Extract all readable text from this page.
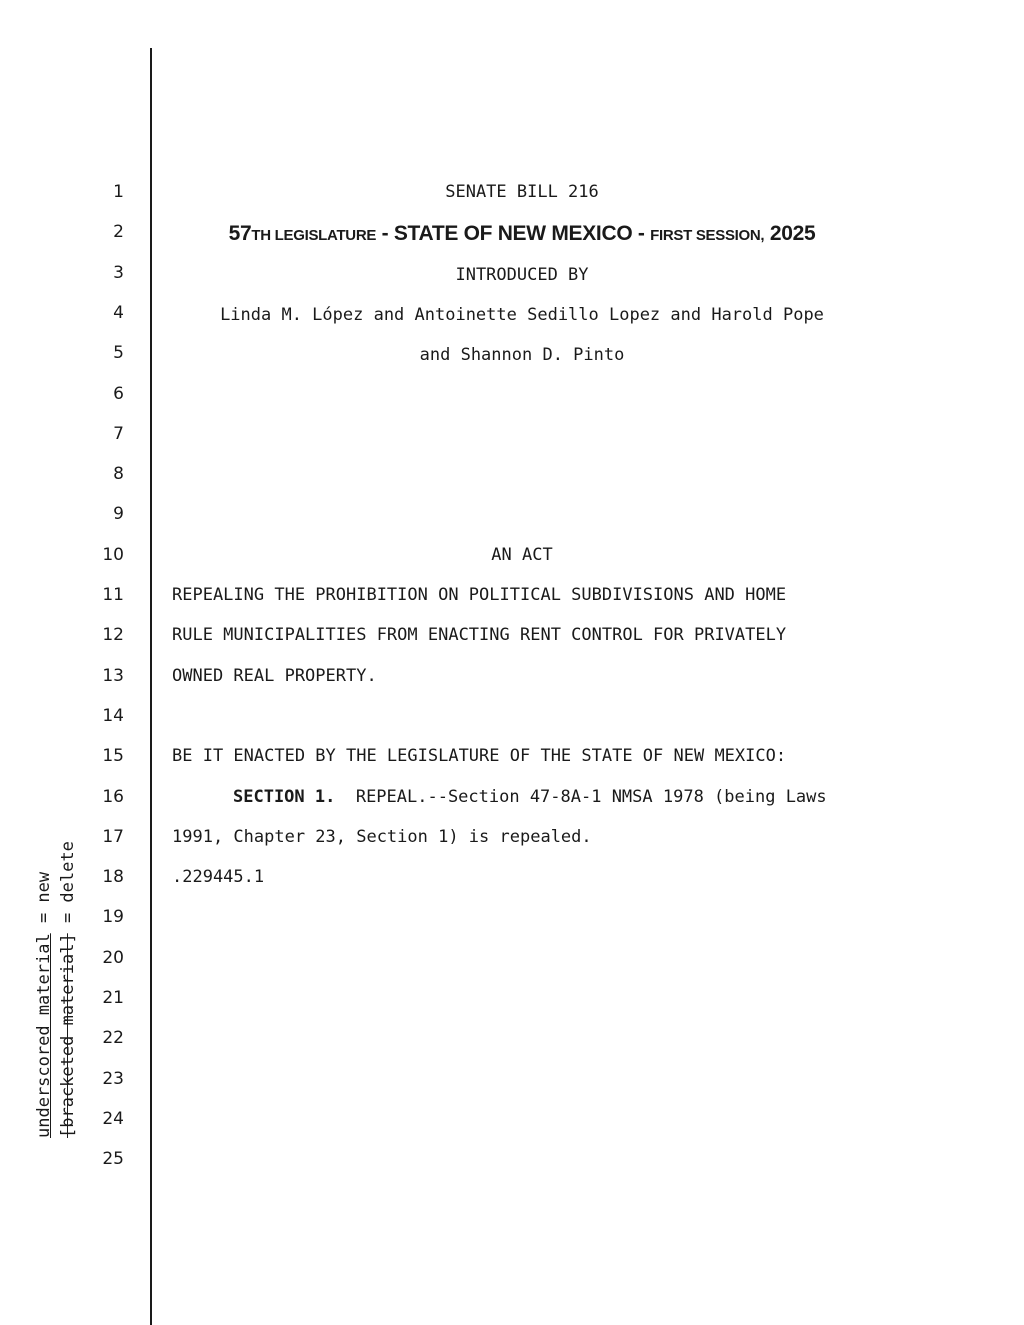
1
2
3
4
5
6
7
8
9
10
11
12
13
14
15
16
17
18
19
20
21
22
23
24
25
SENATE BILL 216
57TH LEGISLATURE - STATE OF NEW MEXICO - FIRST SESSION, 2025
INTRODUCED BY
Linda M. López and Antoinette Sedillo Lopez and Harold Pope
and Shannon D. Pinto
AN ACT
REPEALING THE PROHIBITION ON POLITICAL SUBDIVISIONS AND HOME
RULE MUNICIPALITIES FROM ENACTING RENT CONTROL FOR PRIVATELY
OWNED REAL PROPERTY.
BE IT ENACTED BY THE LEGISLATURE OF THE STATE OF NEW MEXICO:
SECTION 1.  REPEAL.--Section 47-8A-1 NMSA 1978 (being Laws
1991, Chapter 23, Section 1) is repealed.
.229445.1
underscored material = new
[bracketed material] = delete
